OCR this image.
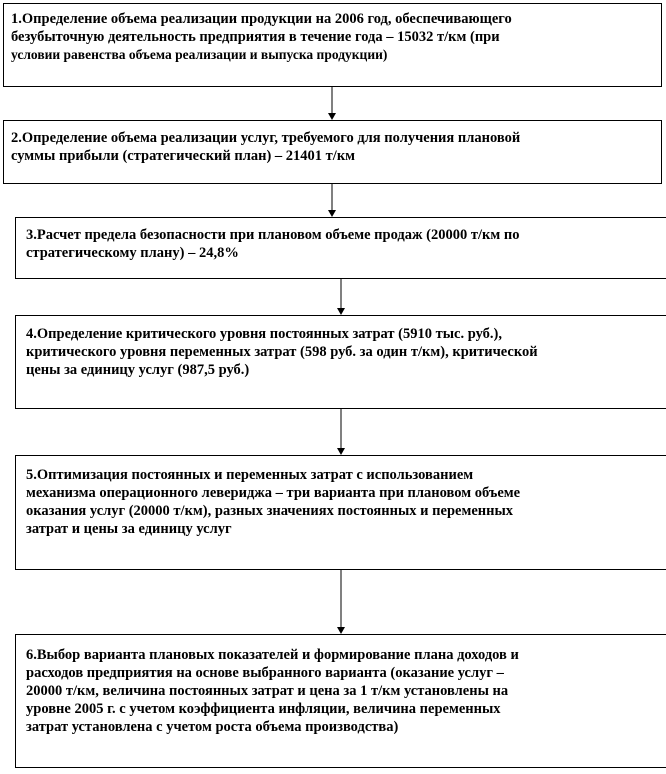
1.Определение объема реализации продукции на 2006 год, обеспечивающего
безубыточную деятельность предприятия в течение года – 15032 т/км (при
условии равенства объема реализации и выпуска продукции)
2.Определение объема реализации услуг, требуемого для получения плановой
суммы прибыли (стратегический план) – 21401 т/км
3.Расчет предела безопасности при плановом объеме продаж (20000 т/км по
стратегическому плану) – 24,8%
4.Определение критического уровня постоянных затрат (5910 тыс. руб.),
критического уровня переменных затрат (598 руб. за один т/км), критической
цены за единицу услуг (987,5 руб.)
5.Оптимизация постоянных и переменных затрат с использованием
механизма операционного левериджа – три варианта при плановом объеме
оказания услуг (20000 т/км), разных значениях постоянных и переменных
затрат и цены за единицу услуг
6.Выбор варианта плановых показателей и формирование плана доходов и
расходов предприятия на основе выбранного варианта (оказание услуг –
20000 т/км, величина постоянных затрат и цена за 1 т/км установлены на
уровне 2005 г. с учетом коэффициента инфляции, величина переменных
затрат установлена с учетом роста объема производства)
